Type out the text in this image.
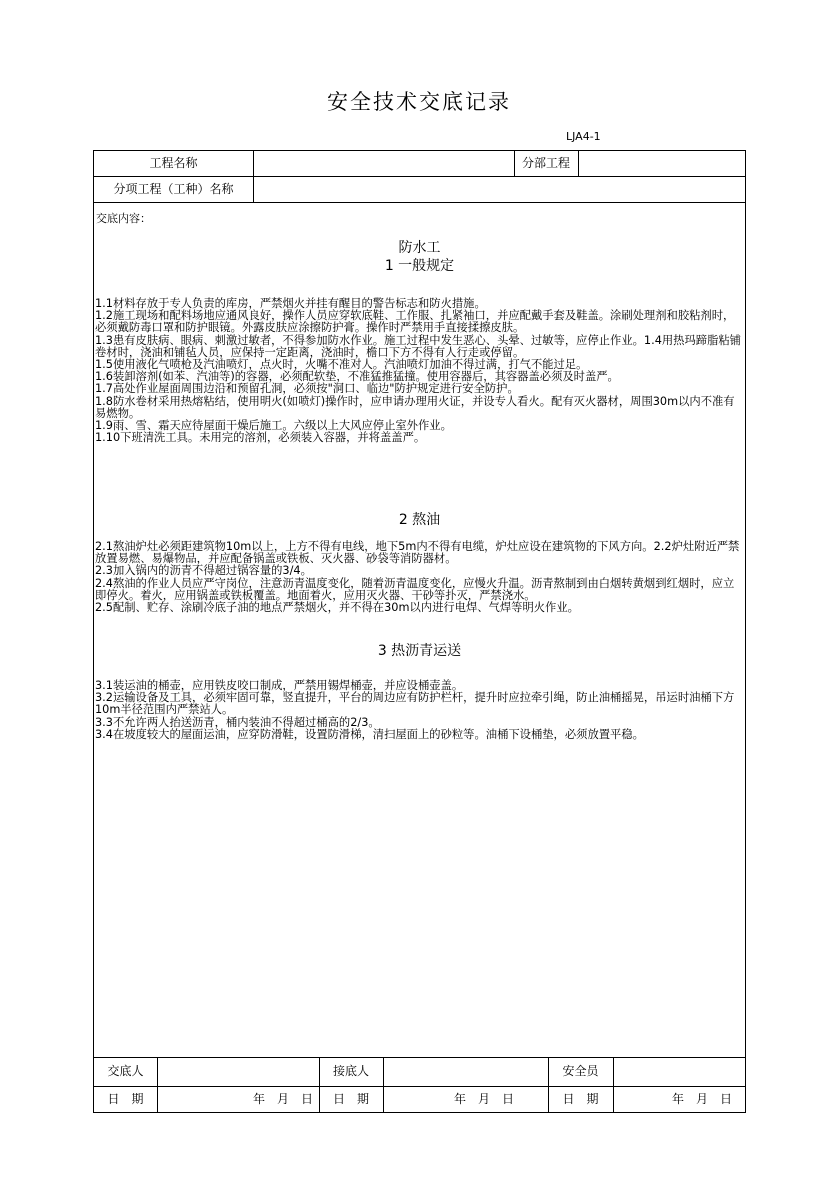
安全技术交底记录
LJA4-1
工程名称	分部工程
分项工程（工种）名称
交底内容：
防水工
1 一般规定

1.1材料存放于专人负责的库房，严禁烟火并挂有醒目的警告标志和防火措施。

1.2施工现场和配料场地应通风良好，操作人员应穿软底鞋、工作服、扎紧袖口，并应配戴手套及鞋盖。涂刷处理剂和胶粘剂时，必须戴防毒口罩和防护眼镜。外露皮肤应涂擦防护膏。操作时严禁用手直接揉擦皮肤。

1.3患有皮肤病、眼病、刺激过敏者，不得参加防水作业。施工过程中发生恶心、头晕、过敏等，应停止作业。1.4用热玛蹄脂粘铺卷材时，浇油和铺毡人员，应保持一定距离，浇油时，檐口下方不得有人行走或停留。

1.5使用液化气喷枪及汽油喷灯，点火时，火嘴不准对人。汽油喷灯加油不得过满，打气不能过足。

1.6装卸溶剂(如苯、汽油等)的容器，必须配软垫，不准猛推猛撞。使用容器后，其容器盖必须及时盖严。

1.7高处作业屋面周围边沿和预留孔洞，必须按"洞口、临边"防护规定进行安全防护。

1.8防水卷材采用热熔粘结，使用明火(如喷灯)操作时，应申请办理用火证，并设专人看火。配有灭火器材，周围30m以内不准有易燃物。

1.9雨、雪、霜天应待屋面干燥后施工。六级以上大风应停止室外作业。

1.10下班清洗工具。未用完的溶剂，必须装入容器，并将盖盖严。

2 熬油

2.1熬油炉灶必须距建筑物10m以上，上方不得有电线，地下5m内不得有电缆，炉灶应设在建筑物的下风方向。2.2炉灶附近严禁放置易燃、易爆物品，并应配备锅盖或铁板、灭火器、砂袋等消防器材。

2.3加入锅内的沥青不得超过锅容量的3/4。

2.4熬油的作业人员应严守岗位，注意沥青温度变化，随着沥青温度变化，应慢火升温。沥青熬制到由白烟转黄烟到红烟时，应立即停火。着火，应用锅盖或铁板覆盖。地面着火，应用灭火器、干砂等扑灭，严禁浇水。

2.5配制、贮存、涂刷冷底子油的地点严禁烟火，并不得在30m以内进行电焊、气焊等明火作业。

3 热沥青运送

3.1装运油的桶壶，应用铁皮咬口制成，严禁用锡焊桶壶，并应设桶壶盖。

3.2运输设备及工具，必须牢固可靠，竖直提升，平台的周边应有防护栏杆，提升时应拉牵引绳，防止油桶摇晃，吊运时油桶下方10m半径范围内严禁站人。

3.3不允许两人抬送沥青，桶内装油不得超过桶高的2/3。

3.4在坡度较大的屋面运油，应穿防滑鞋，设置防滑梯，清扫屋面上的砂粒等。油桶下设桶垫，必须放置平稳。

交底人	接底人	安全员
日　期	年　月　日	日　期	年　月　日	日　期	年　月　日
